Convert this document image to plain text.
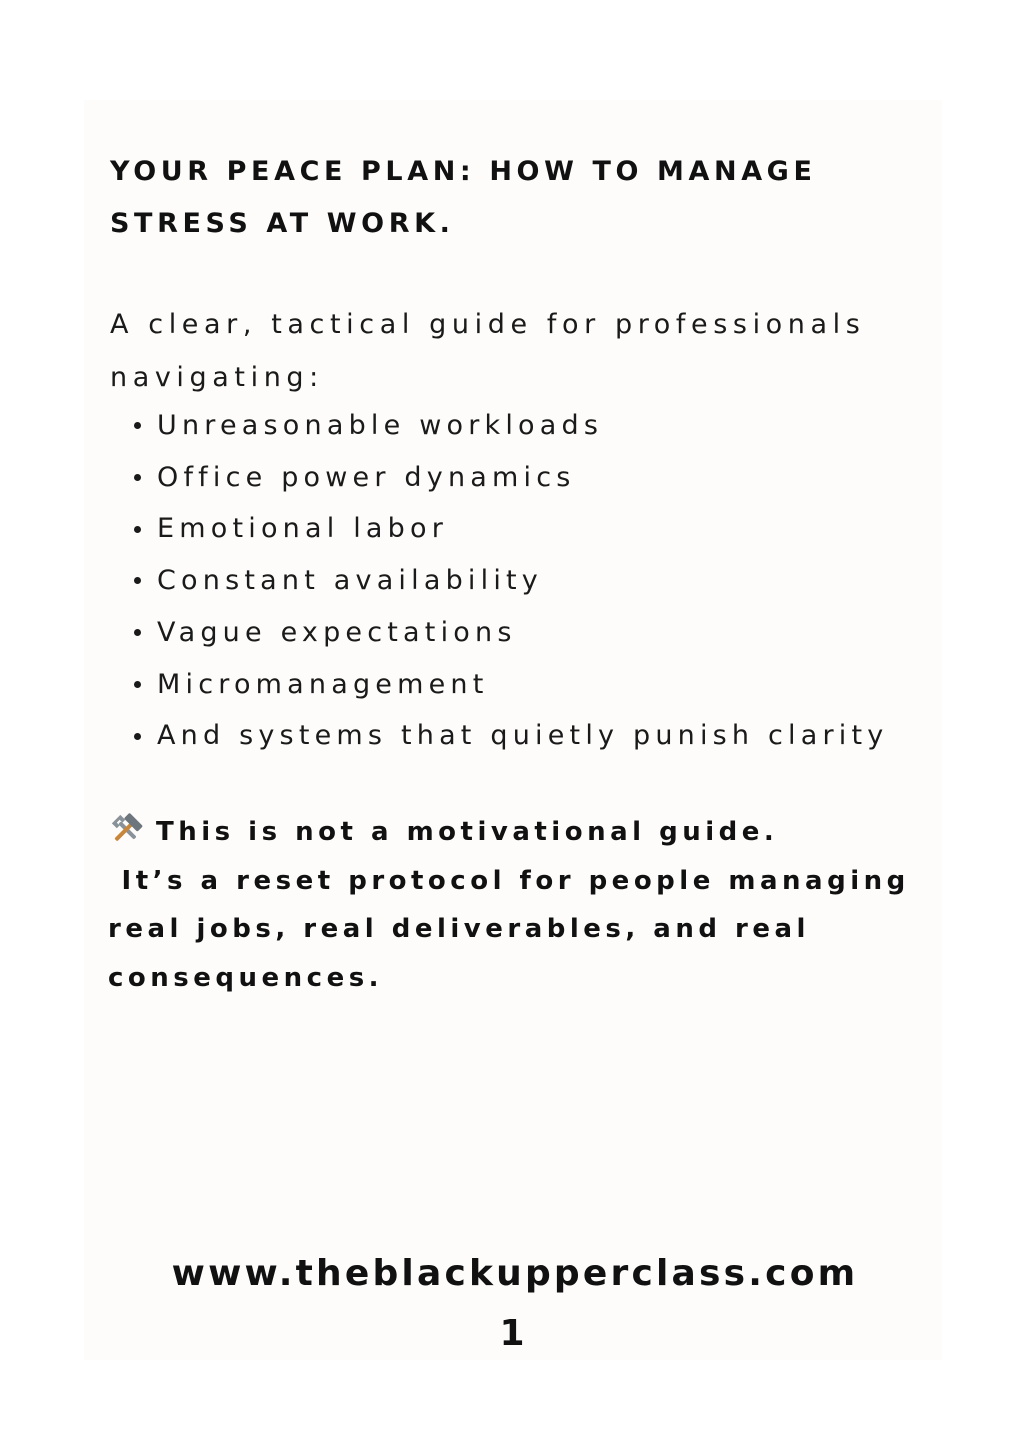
YOUR PEACE PLAN: HOW TO MANAGE
STRESS AT WORK.
A clear, tactical guide for professionals
navigating:
Unreasonable workloads
Office power dynamics
Emotional labor
Constant availability
Vague expectations
Micromanagement
And systems that quietly punish clarity
This is not a motivational guide.
It’s a reset protocol for people managing
real jobs, real deliverables, and real
consequences.
www.theblackupperclass.com
1
